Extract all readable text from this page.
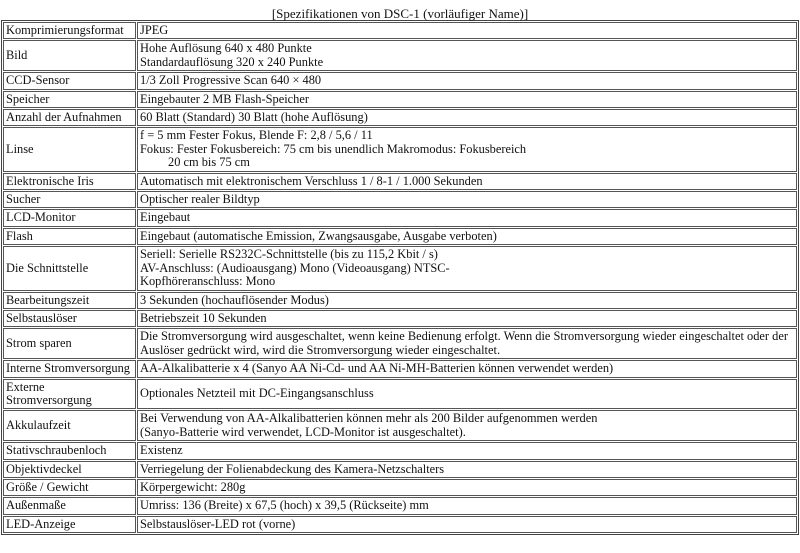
[Spezifikationen von DSC-1 (vorläufiger Name)]
Komprimierungsformat	JPEG

Bild	Hohe Auflösung 640 x 480 Punkte
Standardauflösung 320 x 240 Punkte

CCD-Sensor	1/3 Zoll Progressive Scan 640 × 480

Speicher	Eingebauter 2 MB Flash-Speicher

Anzahl der Aufnahmen	60 Blatt (Standard) 30 Blatt (hohe Auflösung)

Linse	f = 5 mm Fester Fokus, Blende F: 2,8 / 5,6 / 11
Fokus: Fester Fokusbereich: 75 cm bis unendlich Makromodus: Fokusbereich
20 cm bis 75 cm

Elektronische Iris	Automatisch mit elektronischem Verschluss 1 / 8-1 / 1.000 Sekunden

Sucher	Optischer realer Bildtyp

LCD-Monitor	Eingebaut

Flash	Eingebaut (automatische Emission, Zwangsausgabe, Ausgabe verboten)

Die Schnittstelle	Seriell: Serielle RS232C-Schnittstelle (bis zu 115,2 Kbit / s)
AV-Anschluss: (Audioausgang) Mono (Videoausgang) NTSC-
Kopfhöreranschluss: Mono

Bearbeitungszeit	3 Sekunden (hochauflösender Modus)

Selbstauslöser	Betriebszeit 10 Sekunden

Strom sparen	Die Stromversorgung wird ausgeschaltet, wenn keine Bedienung erfolgt. Wenn die Stromversorgung wieder eingeschaltet oder der
Auslöser gedrückt wird, wird die Stromversorgung wieder eingeschaltet.

Interne Stromversorgung	AA-Alkalibatterie x 4 (Sanyo AA Ni-Cd- und AA Ni-MH-Batterien können verwendet werden)

Externe Stromversorgung	Optionales Netzteil mit DC-Eingangsanschluss

Akkulaufzeit	Bei Verwendung von AA-Alkalibatterien können mehr als 200 Bilder aufgenommen werden
(Sanyo-Batterie wird verwendet, LCD-Monitor ist ausgeschaltet).

Stativschraubenloch	Existenz

Objektivdeckel	Verriegelung der Folienabdeckung des Kamera-Netzschalters

Größe / Gewicht	Körpergewicht: 280g

Außenmaße	Umriss: 136 (Breite) x 67,5 (hoch) x 39,5 (Rückseite) mm

LED-Anzeige	Selbstauslöser-LED rot (vorne)
